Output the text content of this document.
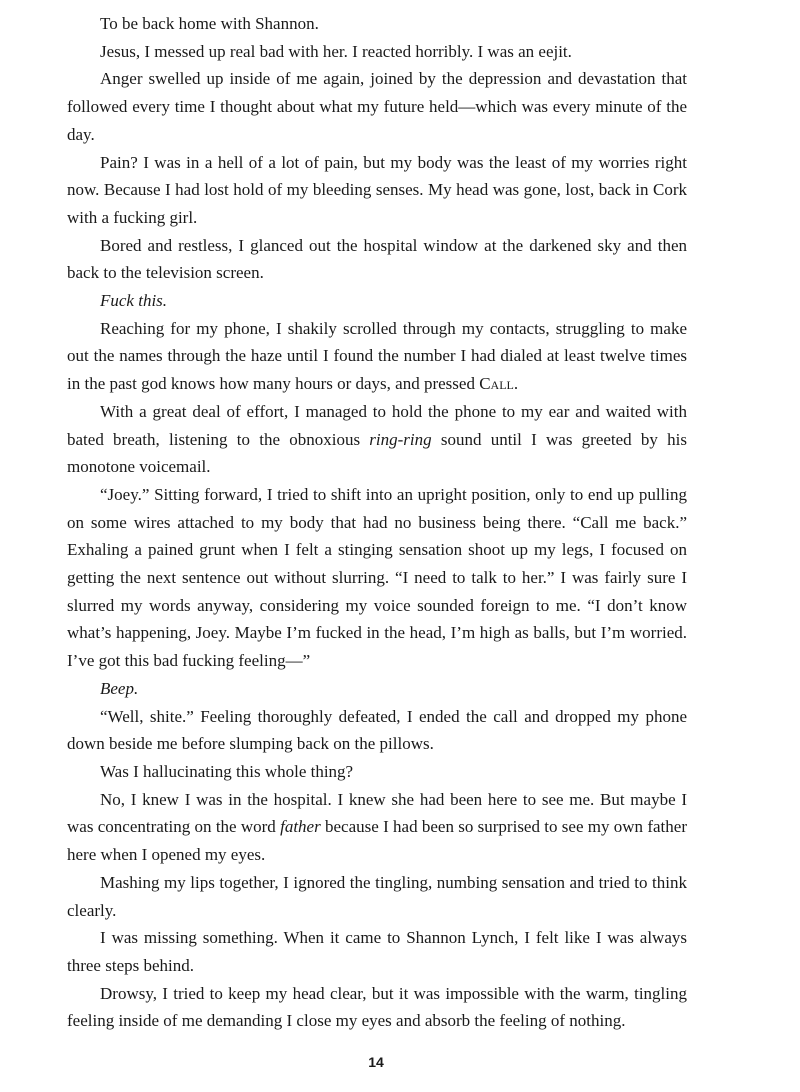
To be back home with Shannon.

Jesus, I messed up real bad with her. I reacted horribly. I was an eejit.

Anger swelled up inside of me again, joined by the depression and devastation that followed every time I thought about what my future held—which was every minute of the day.

Pain? I was in a hell of a lot of pain, but my body was the least of my worries right now. Because I had lost hold of my bleeding senses. My head was gone, lost, back in Cork with a fucking girl.

Bored and restless, I glanced out the hospital window at the darkened sky and then back to the television screen.

Fuck this.

Reaching for my phone, I shakily scrolled through my contacts, struggling to make out the names through the haze until I found the number I had dialed at least twelve times in the past god knows how many hours or days, and pressed Call.

With a great deal of effort, I managed to hold the phone to my ear and waited with bated breath, listening to the obnoxious ring-ring sound until I was greeted by his monotone voicemail.

“Joey.” Sitting forward, I tried to shift into an upright position, only to end up pulling on some wires attached to my body that had no business being there. “Call me back.” Exhaling a pained grunt when I felt a stinging sensation shoot up my legs, I focused on getting the next sentence out without slurring. “I need to talk to her.” I was fairly sure I slurred my words anyway, considering my voice sounded foreign to me. “I don’t know what’s happening, Joey. Maybe I’m fucked in the head, I’m high as balls, but I’m worried. I’ve got this bad fucking feeling—”

Beep.

“Well, shite.” Feeling thoroughly defeated, I ended the call and dropped my phone down beside me before slumping back on the pillows.

Was I hallucinating this whole thing?

No, I knew I was in the hospital. I knew she had been here to see me. But maybe I was concentrating on the word father because I had been so surprised to see my own father here when I opened my eyes.

Mashing my lips together, I ignored the tingling, numbing sensation and tried to think clearly.

I was missing something. When it came to Shannon Lynch, I felt like I was always three steps behind.

Drowsy, I tried to keep my head clear, but it was impossible with the warm, tingling feeling inside of me demanding I close my eyes and absorb the feeling of nothing.

14
